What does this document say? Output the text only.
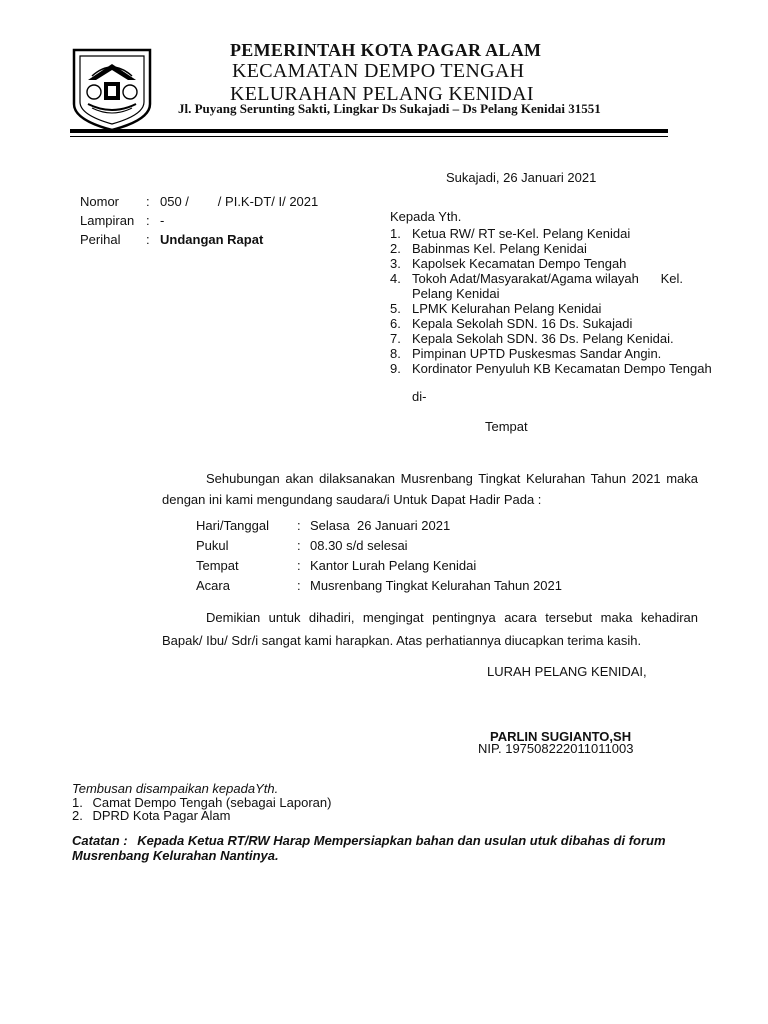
PEMERINTAH KOTA PAGAR ALAM
KECAMATAN DEMPO TENGAH
KELURAHAN PELANG KENIDAI
Jl. Puyang Serunting Sakti, Lingkar Ds Sukajadi – Ds Pelang Kenidai 31551
Sukajadi, 26 Januari 2021
Nomor : 050 /        / PI.K-DT/ I/ 2021
Lampiran : -
Perihal : Undangan Rapat
Kepada Yth.
1. Ketua RW/ RT se-Kel. Pelang Kenidai
2. Babinmas Kel. Pelang Kenidai
3. Kapolsek Kecamatan Dempo Tengah
4. Tokoh Adat/Masyarakat/Agama wilayah      Kel. Pelang Kenidai
5. LPMK Kelurahan Pelang Kenidai
6. Kepala Sekolah SDN. 16 Ds. Sukajadi
7. Kepala Sekolah SDN. 36 Ds. Pelang Kenidai.
8. Pimpinan UPTD Puskesmas Sandar Angin.
9. Kordinator Penyuluh KB Kecamatan Dempo Tengah
di-
Tempat
Sehubungan akan dilaksanakan Musrenbang Tingkat Kelurahan Tahun 2021 maka dengan ini kami mengundang saudara/i Untuk Dapat Hadir Pada :
Hari/Tanggal : Selasa  26 Januari 2021
Pukul	: 08.30 s/d selesai
Tempat	: Kantor Lurah Pelang Kenidai
Acara	: Musrenbang Tingkat Kelurahan Tahun 2021
Demikian untuk dihadiri, mengingat pentingnya acara tersebut maka kehadiran Bapak/ Ibu/ Sdr/i sangat kami harapkan. Atas perhatiannya diucapkan terima kasih.
LURAH PELANG KENIDAI,
PARLIN SUGIANTO,SH
NIP. 197508222011011003
Tembusan disampaikan kepadaYth.
1. Camat Dempo Tengah (sebagai Laporan)
2. DPRD Kota Pagar Alam
Catatan : Kepada Ketua RT/RW Harap Mempersiapkan bahan dan usulan utuk dibahas di forum Musrenbang Kelurahan Nantinya.
